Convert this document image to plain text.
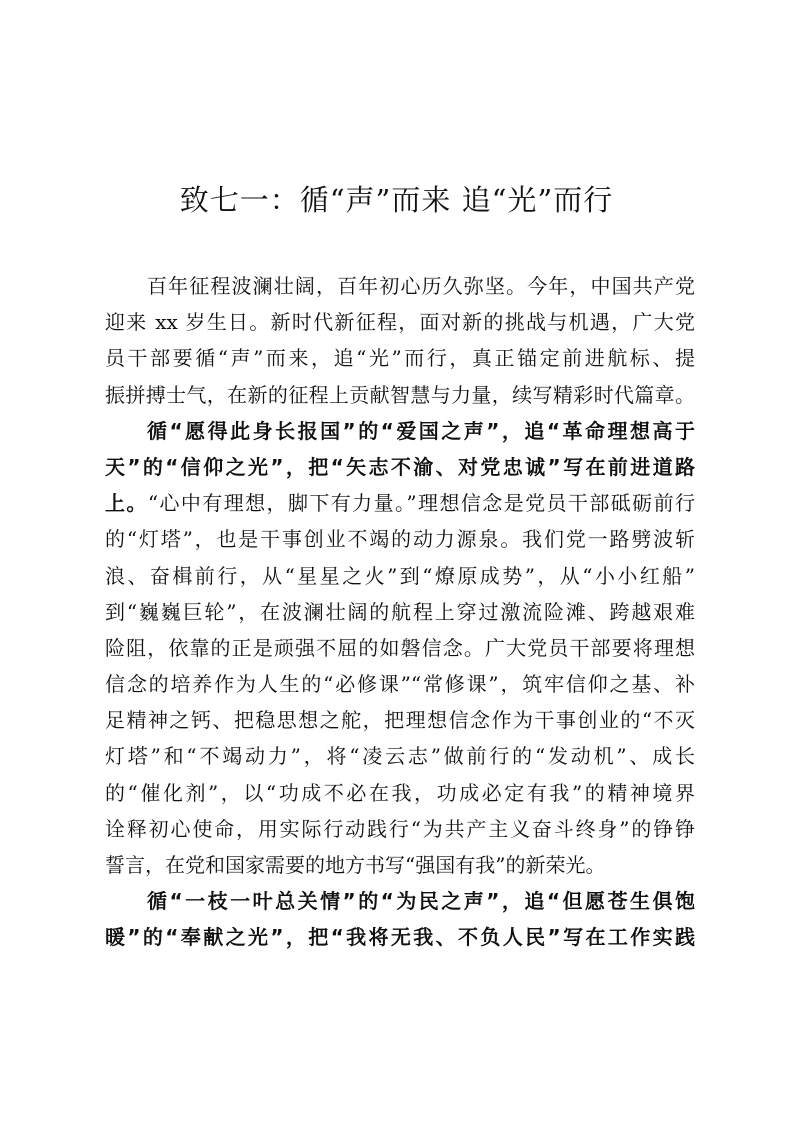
致七一：循“声”而来 追“光”而行
百年征程波澜壮阔，百年初心历久弥坚。今年，中国共产党
迎来 xx 岁生日。新时代新征程，面对新的挑战与机遇，广大党
员干部要循“声”而来，追“光”而行，真正锚定前进航标、提
振拼搏士气，在新的征程上贡献智慧与力量，续写精彩时代篇章。
循“愿得此身长报国”的“爱国之声”，追“革命理想高于
天”的“信仰之光”，把“矢志不渝、对党忠诚”写在前进道路
上。“心中有理想，脚下有力量。”理想信念是党员干部砥砺前行
的“灯塔”，也是干事创业不竭的动力源泉。我们党一路劈波斩
浪、奋楫前行，从“星星之火”到“燎原成势”，从“小小红船”
到“巍巍巨轮”，在波澜壮阔的航程上穿过激流险滩、跨越艰难
险阻，依靠的正是顽强不屈的如磐信念。广大党员干部要将理想
信念的培养作为人生的“必修课”“常修课”，筑牢信仰之基、补
足精神之钙、把稳思想之舵，把理想信念作为干事创业的“不灭
灯塔”和“不竭动力”，将“凌云志”做前行的“发动机”、成长
的“催化剂”，以“功成不必在我，功成必定有我”的精神境界
诠释初心使命，用实际行动践行“为共产主义奋斗终身”的铮铮
誓言，在党和国家需要的地方书写“强国有我”的新荣光。
循“一枝一叶总关情”的“为民之声”，追“但愿苍生俱饱
暖”的“奉献之光”，把“我将无我、不负人民”写在工作实践
